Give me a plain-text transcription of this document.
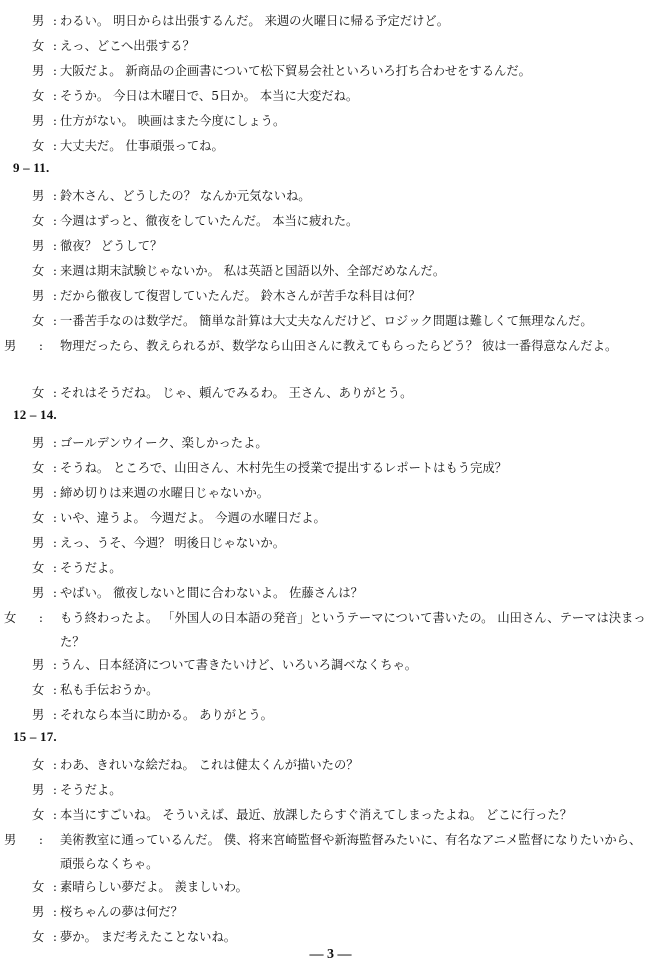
男 : わるい。 明日からは出張するんだ。 来週の火曜日に帰る予定だけど。
女 : えっ、どこへ出張する？
男 : 大阪だよ。 新商品の企画書について松下貿易会社といろいろ打ち合わせをするんだ。
女 : そうか。 今日は木曜日で、5日か。 本当に大変だね。
男 : 仕方がない。 映画はまた今度にしょう。
女 : 大丈夫だ。 仕事頑張ってね。
9 – 11.
男 : 鈴木さん、どうしたの？ なんか元気ないね。
女 : 今週はずっと、徹夜をしていたんだ。 本当に疲れた。
男 : 徹夜？ どうして？
女 : 来週は期末試験じゃないか。 私は英語と国語以外、全部だめなんだ。
男 : だから徹夜して復習していたんだ。 鈴木さんが苦手な科目は何？
女 : 一番苦手なのは数学だ。 簡単な計算は大丈夫なんだけど、ロジック問題は難しくて無理なんだ。
男 : 物理だったら、教えられるが、数学なら山田さんに教えてもらったらどう？ 彼は一番得意なんだよ。
女 : それはそうだね。 じゃ、頼んでみるわ。 王さん、ありがとう。
12 – 14.
男 : ゴールデンウイーク、楽しかったよ。
女 : そうね。 ところで、山田さん、木村先生の授業で提出するレポートはもう完成？
男 : 締め切りは来週の水曜日じゃないか。
女 : いや、違うよ。 今週だよ。 今週の水曜日だよ。
男 : えっ、うそ、今週？ 明後日じゃないか。
女 : そうだよ。
男 : やばい。 徹夜しないと間に合わないよ。 佐藤さんは？
女 : もう終わったよ。 「外国人の日本語の発音」というテーマについて書いたの。 山田さん、テーマは決まった？
男 : うん、日本経済について書きたいけど、いろいろ調べなくちゃ。
女 : 私も手伝おうか。
男 : それなら本当に助かる。 ありがとう。
15 – 17.
女 : わあ、きれいな絵だね。 これは健太くんが描いたの？
男 : そうだよ。
女 : 本当にすごいね。 そういえば、最近、放課したらすぐ消えてしまったよね。 どこに行った？
男 : 美術教室に通っているんだ。 僕、将来宮崎監督や新海監督みたいに、有名なアニメ監督になりたいから、頑張らなくちゃ。
女 : 素晴らしい夢だよ。 羨ましいわ。
男 : 桜ちゃんの夢は何だ？
女 : 夢か。 まだ考えたことないね。
— 3 —
